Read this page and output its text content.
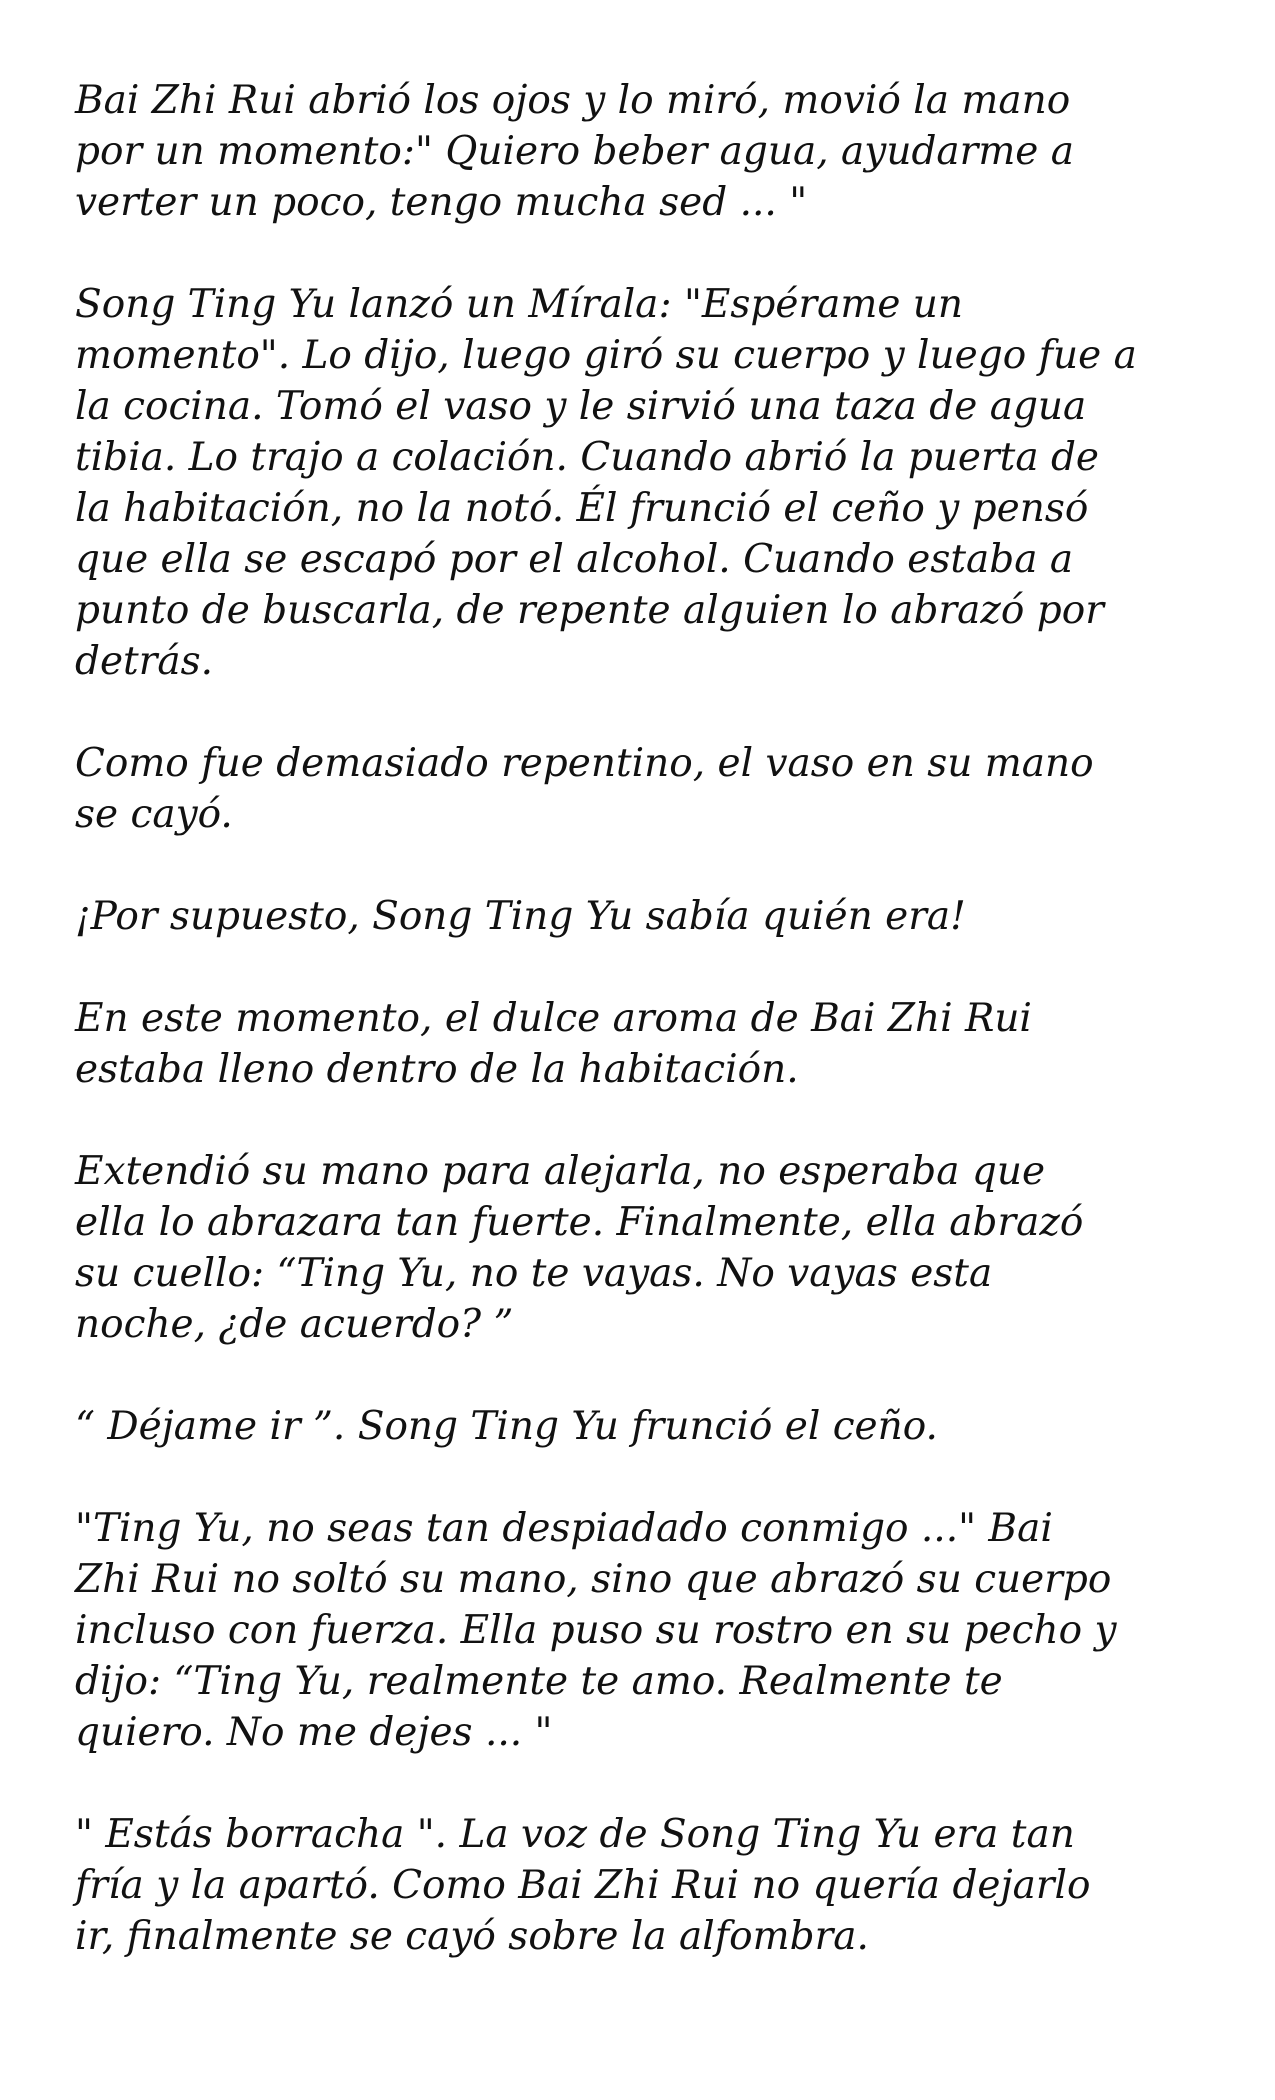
Bai Zhi Rui abrió los ojos y lo miró, movió la mano
por un momento:" Quiero beber agua, ayudarme a
verter un poco, tengo mucha sed ... "

Song Ting Yu lanzó un Mírala: "Espérame un
momento". Lo dijo, luego giró su cuerpo y luego fue a
la cocina. Tomó el vaso y le sirvió una taza de agua
tibia. Lo trajo a colación. Cuando abrió la puerta de
la habitación, no la notó. Él frunció el ceño y pensó
que ella se escapó por el alcohol. Cuando estaba a
punto de buscarla, de repente alguien lo abrazó por
detrás.

Como fue demasiado repentino, el vaso en su mano
se cayó.

¡Por supuesto, Song Ting Yu sabía quién era!

En este momento, el dulce aroma de Bai Zhi Rui
estaba lleno dentro de la habitación.

Extendió su mano para alejarla, no esperaba que
ella lo abrazara tan fuerte. Finalmente, ella abrazó
su cuello: “Ting Yu, no te vayas. No vayas esta
noche, ¿de acuerdo? ”

“ Déjame ir ”. Song Ting Yu frunció el ceño.

"Ting Yu, no seas tan despiadado conmigo ..." Bai
Zhi Rui no soltó su mano, sino que abrazó su cuerpo
incluso con fuerza. Ella puso su rostro en su pecho y
dijo: “Ting Yu, realmente te amo. Realmente te
quiero. No me dejes ... "

" Estás borracha ". La voz de Song Ting Yu era tan
fría y la apartó. Como Bai Zhi Rui no quería dejarlo
ir, finalmente se cayó sobre la alfombra.
